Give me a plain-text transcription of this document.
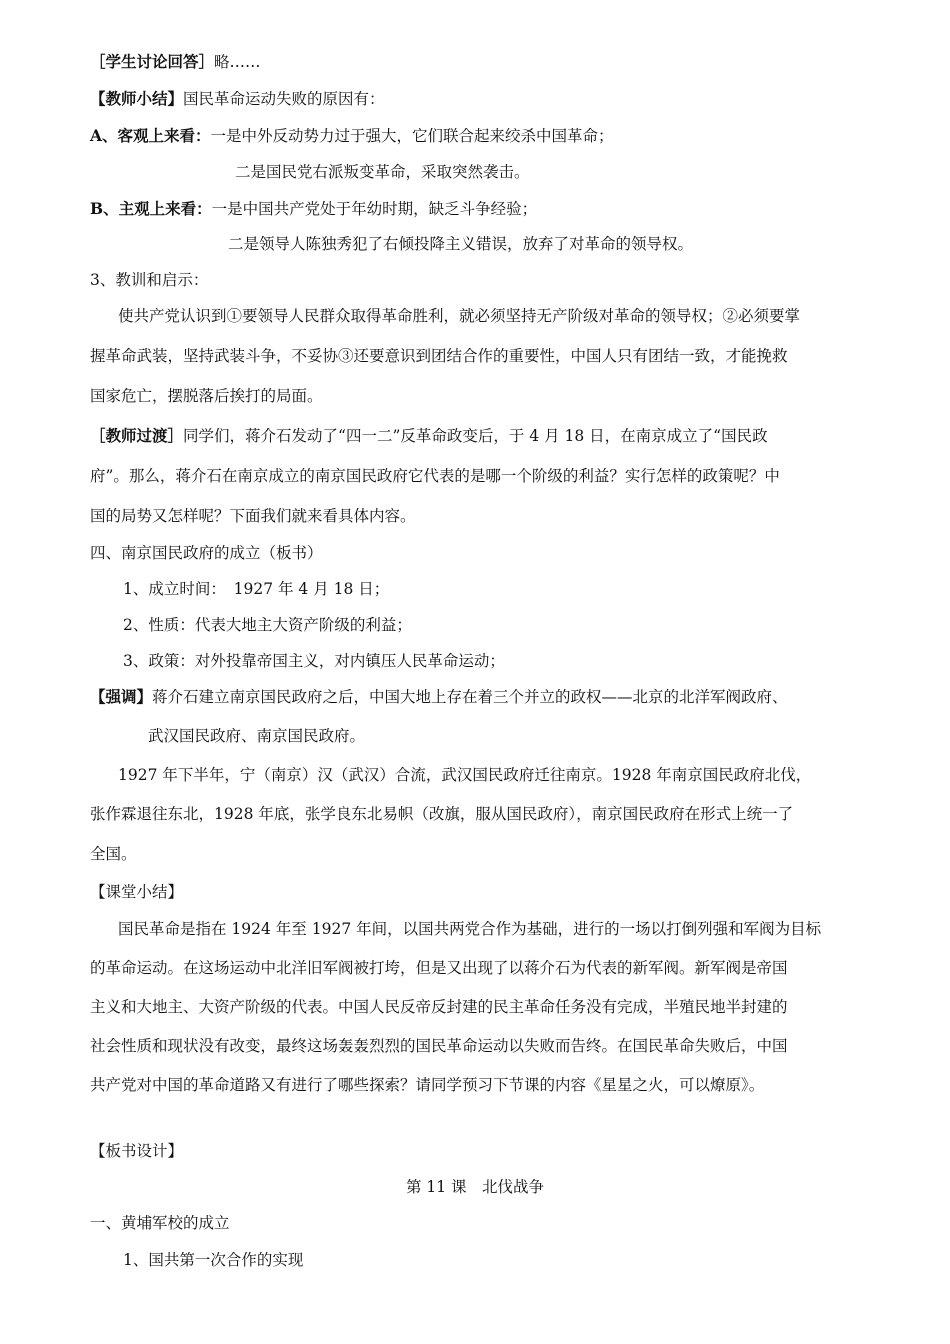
［学生讨论回答］略……
【教师小结】国民革命运动失败的原因有：
A、客观上来看：一是中外反动势力过于强大，它们联合起来绞杀中国革命；
二是国民党右派叛变革命，采取突然袭击。
B、主观上来看：一是中国共产党处于年幼时期，缺乏斗争经验；
二是领导人陈独秀犯了右倾投降主义错误，放弃了对革命的领导权。
3、教训和启示：
使共产党认识到①要领导人民群众取得革命胜利，就必须坚持无产阶级对革命的领导权；②必须要掌
握革命武装，坚持武装斗争，不妥协③还要意识到团结合作的重要性，中国人只有团结一致，才能挽救
国家危亡，摆脱落后挨打的局面。
［教师过渡］同学们，蒋介石发动了“四一二”反革命政变后，于 4 月 18 日，在南京成立了“国民政
府”。那么，蒋介石在南京成立的南京国民政府它代表的是哪一个阶级的利益？实行怎样的政策呢？中
国的局势又怎样呢？下面我们就来看具体内容。
四、南京国民政府的成立（板书）
1、成立时间：　1927 年 4 月 18 日；
2、性质：代表大地主大资产阶级的利益；
3、政策：对外投靠帝国主义，对内镇压人民革命运动；
【强调】蒋介石建立南京国民政府之后，中国大地上存在着三个并立的政权——北京的北洋军阀政府、
武汉国民政府、南京国民政府。
1927 年下半年，宁（南京）汉（武汉）合流，武汉国民政府迁往南京。1928 年南京国民政府北伐，
张作霖退往东北，1928 年底，张学良东北易帜（改旗，服从国民政府），南京国民政府在形式上统一了
全国。
【课堂小结】
国民革命是指在 1924 年至 1927 年间，以国共两党合作为基础，进行的一场以打倒列强和军阀为目标
的革命运动。在这场运动中北洋旧军阀被打垮，但是又出现了以蒋介石为代表的新军阀。新军阀是帝国
主义和大地主、大资产阶级的代表。中国人民反帝反封建的民主革命任务没有完成，半殖民地半封建的
社会性质和现状没有改变，最终这场轰轰烈烈的国民革命运动以失败而告终。在国民革命失败后，中国
共产党对中国的革命道路又有进行了哪些探索？请同学预习下节课的内容《星星之火，可以燎原》。
【板书设计】
第 11 课　北伐战争
一、黄埔军校的成立
1、国共第一次合作的实现
